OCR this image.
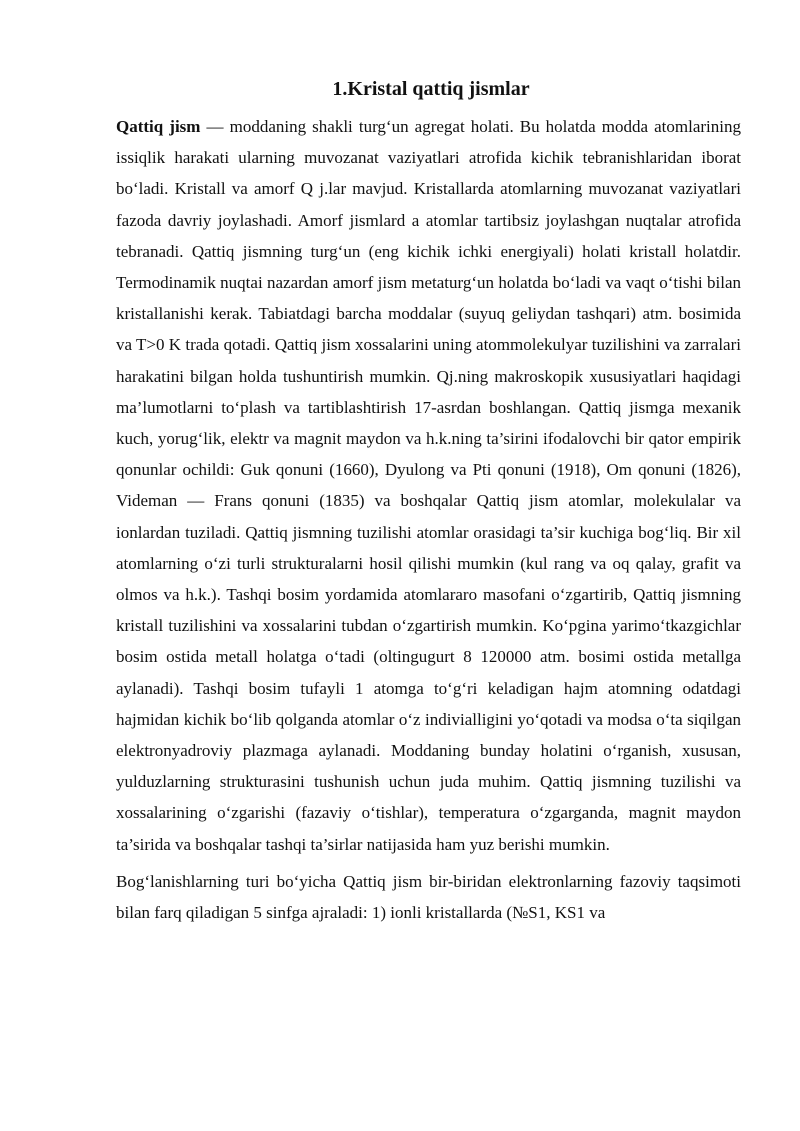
1.Kristal qattiq jismlar

Qattiq jism — moddaning shakli turg‘un agregat holati. Bu holatda modda atomlarining issiqlik harakati ularning muvozanat vaziyatlari atrofida kichik tebranishlaridan iborat bo‘ladi. Kristall va amorf Q j.lar mavjud. Kristallarda atomlarning muvozanat vaziyatlari fazoda davriy joylashadi. Amorf jismlard a atomlar tartibsiz joylashgan nuqtalar atrofida tebranadi. Qattiq jismning turg‘un (eng kichik ichki energiyali) holati kristall holatdir. Termodinamik nuqtai nazardan amorf jism metaturg‘un holatda bo‘ladi va vaqt o‘tishi bilan kristallanishi kerak. Tabiatdagi barcha moddalar (suyuq geliydan tashqari) atm. bosimida va T>0 K trada qotadi. Qattiq jism xossalarini uning atommolekulyar tuzilishini va zarralari harakatini bilgan holda tushuntirish mumkin. Qj.ning makroskopik xususiyatlari haqidagi ma’lumotlarni to‘plash va tartiblashtirish 17-asrdan boshlangan. Qattiq jismga mexanik kuch, yorug‘lik, elektr va magnit maydon va h.k.ning ta’sirini ifodalovchi bir qator empirik qonunlar ochildi: Guk qonuni (1660), Dyulong va Pti qonuni (1918), Om qonuni (1826), Videman — Frans qonuni (1835) va boshqalar Qattiq jism atomlar, molekulalar va ionlardan tuziladi. Qattiq jismning tuzilishi atomlar orasidagi ta’sir kuchiga bog‘liq. Bir xil atomlarning o‘zi turli strukturalarni hosil qilishi mumkin (kul rang va oq qalay, grafit va olmos va h.k.). Tashqi bosim yordamida atomlararo masofani o‘zgartirib, Qattiq jismning kristall tuzilishini va xossalarini tubdan o‘zgartirish mumkin. Ko‘pgina yarimo‘tkazgichlar bosim ostida metall holatga o‘tadi (oltingugurt 8 120000 atm. bosimi ostida metallga aylanadi). Tashqi bosim tufayli 1 atomga to‘g‘ri keladigan hajm atomning odatdagi hajmidan kichik bo‘lib qolganda atomlar o‘z indivialligini yo‘qotadi va modsa o‘ta siqilgan elektronyadroviy plazmaga aylanadi. Moddaning bunday holatini o‘rganish, xususan, yulduzlarning strukturasini tushunish uchun juda muhim. Qattiq jismning tuzilishi va xossalarining o‘zgarishi (fazaviy o‘tishlar), temperatura o‘zgarganda, magnit maydon ta’sirida va boshqalar tashqi ta’sirlar natijasida ham yuz berishi mumkin.

Bog‘lanishlarning turi bo‘yicha Qattiq jism bir-biridan elektronlarning fazoviy taqsimoti bilan farq qiladigan 5 sinfga ajraladi: 1) ionli kristallarda (№S1, KS1 va
